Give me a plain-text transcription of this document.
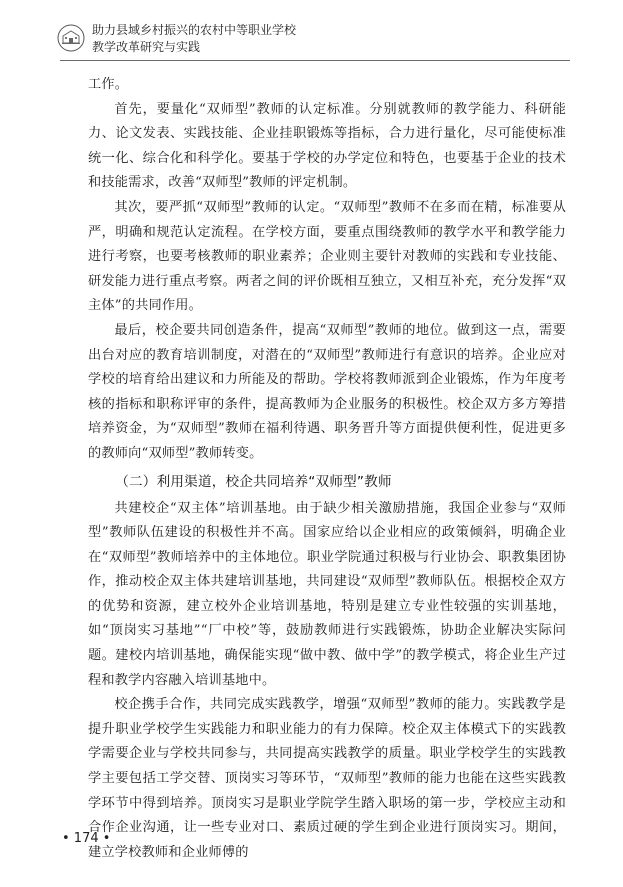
助力县域乡村振兴的农村中等职业学校
教学改革研究与实践

工作。

首先，要量化“双师型”教师的认定标准。分别就教师的教学能力、科研能力、论文发表、实践技能、企业挂职锻炼等指标，合力进行量化，尽可能使标准统一化、综合化和科学化。要基于学校的办学定位和特色，也要基于企业的技术和技能需求，改善“双师型”教师的评定机制。

其次，要严抓“双师型”教师的认定。“双师型”教师不在多而在精，标准要从严，明确和规范认定流程。在学校方面，要重点围绕教师的教学水平和教学能力进行考察，也要考核教师的职业素养；企业则主要针对教师的实践和专业技能、研发能力进行重点考察。两者之间的评价既相互独立，又相互补充，充分发挥“双主体”的共同作用。

最后，校企要共同创造条件，提高“双师型”教师的地位。做到这一点，需要出台对应的教育培训制度，对潜在的“双师型”教师进行有意识的培养。企业应对学校的培育给出建议和力所能及的帮助。学校将教师派到企业锻炼，作为年度考核的指标和职称评审的条件，提高教师为企业服务的积极性。校企双方多方筹措培养资金，为“双师型”教师在福利待遇、职务晋升等方面提供便利性，促进更多的教师向“双师型”教师转变。

（二）利用渠道，校企共同培养“双师型”教师

共建校企“双主体”培训基地。由于缺少相关激励措施，我国企业参与“双师型”教师队伍建设的积极性并不高。国家应给以企业相应的政策倾斜，明确企业在“双师型”教师培养中的主体地位。职业学院通过积极与行业协会、职教集团协作，推动校企双主体共建培训基地，共同建设“双师型”教师队伍。根据校企双方的优势和资源，建立校外企业培训基地，特别是建立专业性较强的实训基地，如“顶岗实习基地”“厂中校”等，鼓励教师进行实践锻炼，协助企业解决实际问题。建校内培训基地，确保能实现“做中教、做中学”的教学模式，将企业生产过程和教学内容融入培训基地中。

校企携手合作，共同完成实践教学，增强“双师型”教师的能力。实践教学是提升职业学校学生实践能力和职业能力的有力保障。校企双主体模式下的实践教学需要企业与学校共同参与，共同提高实践教学的质量。职业学校学生的实践教学主要包括工学交替、顶岗实习等环节，“双师型”教师的能力也能在这些实践教学环节中得到培养。顶岗实习是职业学院学生踏入职场的第一步，学校应主动和合作企业沟通，让一些专业对口、素质过硬的学生到企业进行顶岗实习。期间，建立学校教师和企业师傅的

• 174 •
